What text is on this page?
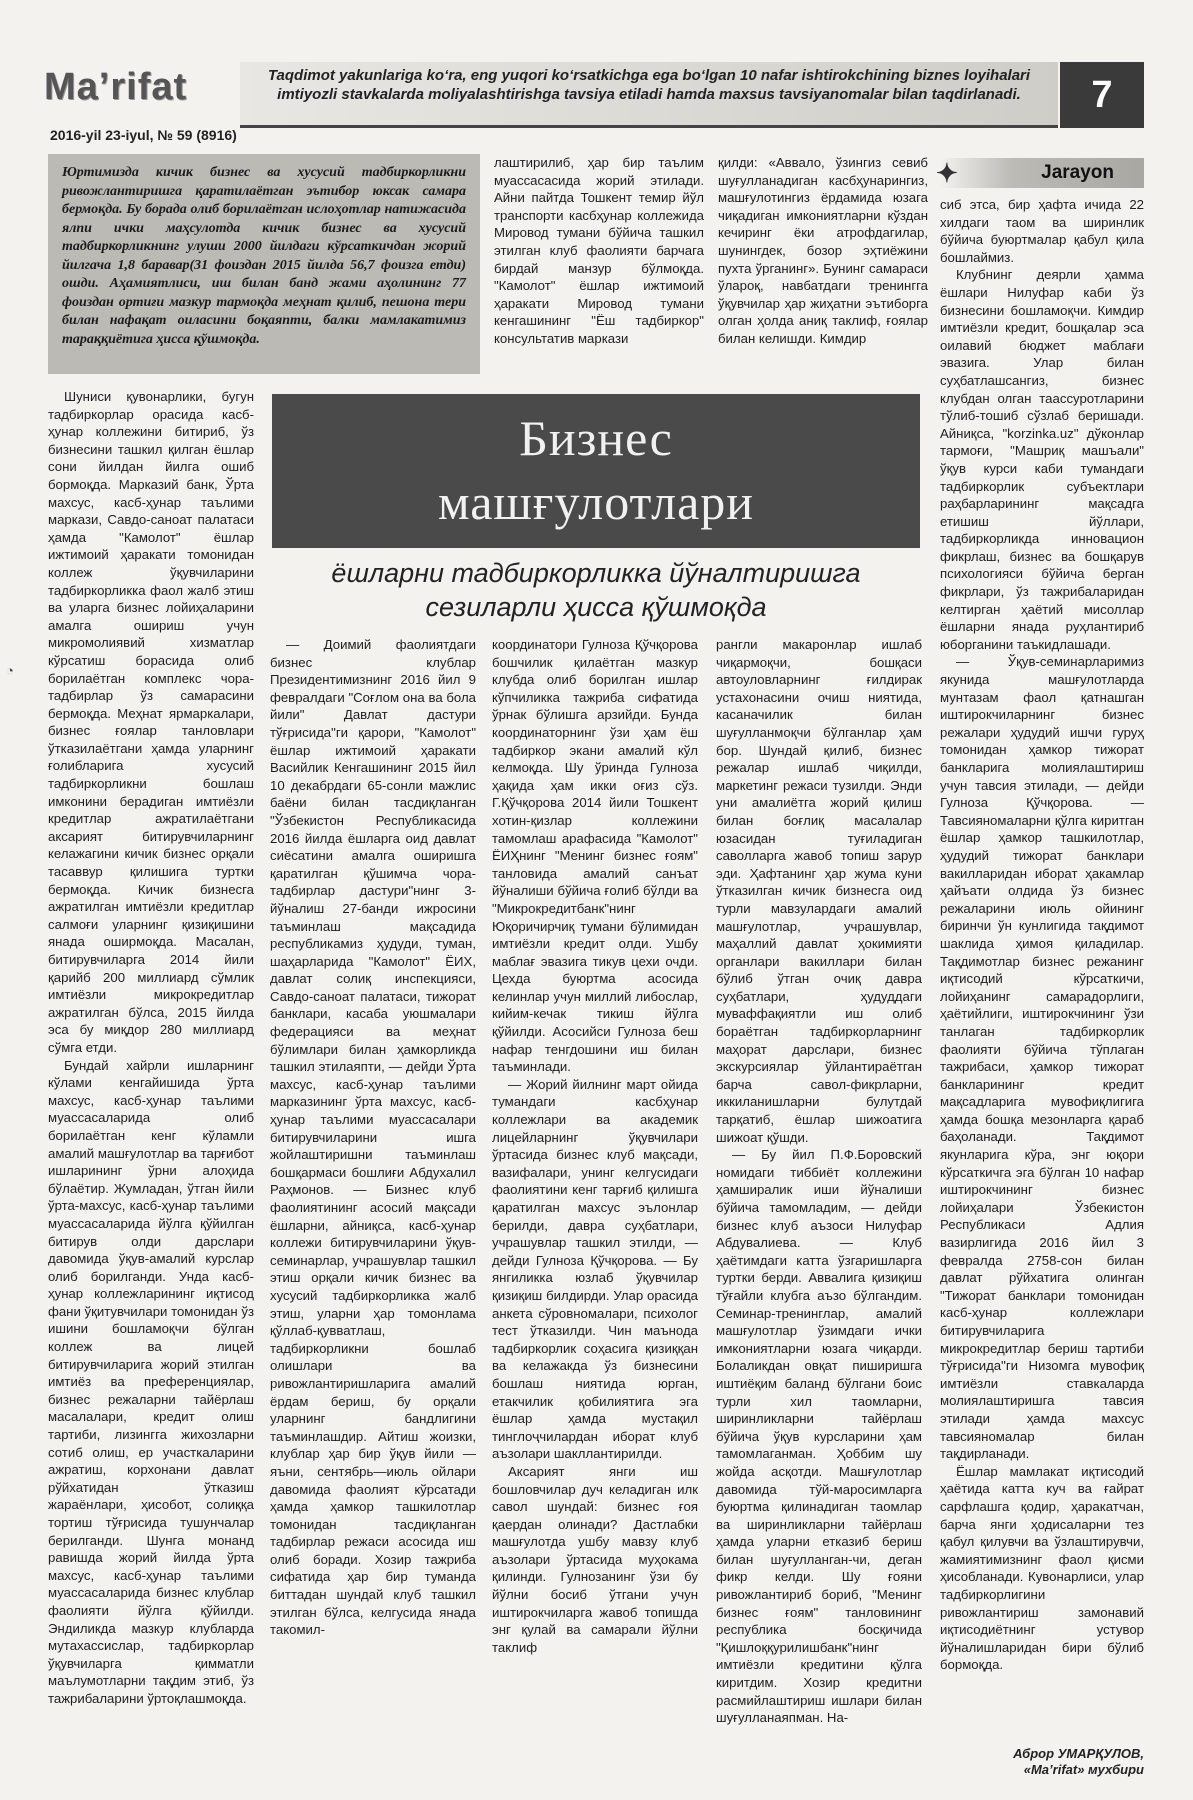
Ma’rifat
2016-yil 23-iyul, № 59 (8916)
Taqdimot yakunlariga ko‘ra, eng yuqori ko‘rsatkichga ega bo‘lgan 10 nafar ishtirokchining biznes loyihalari imtiyozli stavkalarda moliyalashtirishga tavsiya etiladi hamda maxsus tavsiyanomalar bilan taqdirlanadi.	7
✦	Jarayon
Юртимизда кичик бизнес ва хусусий тадбиркорликни ривожлантиришга қаратилаётган эътибор юксак самара бермоқда. Бу борада олиб борилаётган ислоҳотлар натижасида ялпи ички маҳсулотда кичик бизнес ва хусусий тадбиркорликнинг улуши 2000 йилдаги кўрсаткичдан жорий йилгача 1,8 баравар(31 фоиздан 2015 йилда 56,7 фоизга етди) ошди. Аҳамиятлиси, иш билан банд жами аҳолининг 77 фоиздан ортиғи мазкур тармоқда меҳнат қилиб, пешона тери билан нафақат оиласини боқаяпти, балки мамлакатимиз тараққиётига ҳисса қўшмоқда.

лаштирилиб, ҳар бир таълим муассасасида жорий этилади. Айни пайтда Тошкент темир йўл транспорти касбҳунар коллежида Мировод тумани бўйича ташкил этилган клуб фаолияти барчага бирдай манзур бўлмоқда. "Камолот" ёшлар ижтимоий ҳаракати Мировод тумани кенгашининг "Ёш тадбиркор" консультатив маркази

қилди: «Аввало, ўзингиз севиб шуғулланадиган касбҳунарингиз, машғулотингиз ёрдамида юзага чиқадиган имкониятларни кўздан кечиринг ёки атрофдагилар, шунингдек, бозор эҳтиёжини пухта ўрганинг». Бунинг самараси ўлароқ, навбатдаги тренингга ўқувчилар ҳар жиҳатни эътиборга олган ҳолда аниқ таклиф, ғоялар билан келишди. Кимдир

Бизнес
машғулотлари
ёшларни тадбиркорликка йўналтиришга сезиларли ҳисса қўшмоқда

Шуниси қувонарлики, бугун тадбиркорлар орасида касб-ҳунар коллежини битириб, ўз бизнесини ташкил қилган ёшлар сони йилдан йилга ошиб бормоқда. Марказий банк, Ўрта махсус, касб-ҳунар таълими маркази, Савдо-саноат палатаси ҳамда "Камолот" ёшлар ижтимоий ҳаракати томонидан коллеж ўқувчиларини тадбиркорликка фаол жалб этиш ва уларга бизнес лойиҳаларини амалга ошириш учун микромолиявий хизматлар кўрсатиш борасида олиб борилаётган комплекс чора-тадбирлар ўз самарасини бермоқда. Меҳнат ярмаркалари, бизнес ғоялар танловлари ўтказилаётгани ҳамда уларнинг ғолибларига хусусий тадбиркорликни бошлаш имконини берадиган имтиёзли кредитлар ажратилаётгани аксарият битирувчиларнинг келажагини кичик бизнес орқали тасаввур қилишига туртки бермоқда. Кичик бизнесга ажратилган имтиёзли кредитлар салмоғи уларнинг қизиқишини янада оширмоқда. Масалан, битирувчиларга 2014 йили қарийб 200 миллиард сўмлик имтиёзли микрокредитлар ажратилган бўлса, 2015 йилда эса бу миқдор 280 миллиард сўмга етди.

Бундай хайрли ишларнинг кўлами кенгайишида ўрта махсус, касб-ҳунар таълими муассасаларида олиб борилаётган кенг кўламли амалий машғулотлар ва тарғибот ишларининг ўрни алоҳида бўлаётир. Жумладан, ўтган йили ўрта-махсус, касб-ҳунар таълими муассасаларида йўлга қўйилган битирув олди дарслари давомида ўқув-амалий курслар олиб борилганди. Унда касб-ҳунар коллежларининг иқтисод фани ўқитувчилари томонидан ўз ишини бошламоқчи бўлган коллеж ва лицей битирувчиларига жорий этилган имтиёз ва преференциялар, бизнес режаларни тайёрлаш масалалари, кредит олиш тартиби, лизингга жихозларни сотиб олиш, ер участкаларини ажратиш, корхонани давлат рўйхатидан ўтказиш жараёнлари, ҳисобот, солиққа тортиш тўғрисида тушунчалар берилганди. Шунга монанд равишда жорий йилда ўрта махсус, касб-ҳунар таълими муассасаларида бизнес клублар фаолияти йўлга қўйилди. Эндиликда мазкур клубларда мутахассислар, тадбиркорлар ўқувчиларга қимматли маълумотларни тақдим этиб, ўз тажрибаларини ўртоқлашмоқда.

— Доимий фаолиятдаги бизнес клублар Президентимизнинг 2016 йил 9 февралдаги "Соғлом она ва бола йили" Давлат дастури тўғрисида"ги қарори, "Камолот" ёшлар ижтимоий ҳаракати Васийлик Кенгашининг 2015 йил 10 декабрдаги 65-сонли мажлис баёни билан тасдиқланган "Ўзбекистон Республикасида 2016 йилда ёшларга оид давлат сиёсатини амалга оширишга қаратилган қўшимча чора-тадбирлар дастури"нинг 3-йўналиш 27-банди ижросини таъминлаш мақсадида республикамиз ҳудуди, туман, шаҳарларида "Камолот" ЁИХ, давлат солиқ инспекцияси, Савдо-саноат палатаси, тижорат банклари, касаба уюшмалари федерацияси ва меҳнат бўлимлари билан ҳамкорликда ташкил этилаяпти, — дейди Ўрта махсус, касб-ҳунар таълими марказининг ўрта махсус, касб-ҳунар таълими муассасалари битирувчиларини ишга жойлаштиришни таъминлаш бошқармаси бошлиғи Абдухалил Раҳмонов. — Бизнес клуб фаолиятининг асосий мақсади ёшларни, айниқса, касб-ҳунар коллежи битирувчиларини ўқув-семинарлар, учрашувлар ташкил этиш орқали кичик бизнес ва хусусий тадбиркорликка жалб этиш, уларни ҳар томонлама қўллаб-қувватлаш, тадбиркорликни бошлаб олишлари ва ривожлантиришларига амалий ёрдам бериш, бу орқали уларнинг бандлигини таъминлашдир. Айтиш жоизки, клублар ҳар бир ўқув йили — яъни, сентябрь—июль ойлари давомида фаолият кўрсатади ҳамда ҳамкор ташкилотлар томонидан тасдиқланган тадбирлар режаси асосида иш олиб боради. Хозир тажриба сифатида ҳар бир туманда биттадан шундай клуб ташкил этилган бўлса, келгусида янада такомил-

координатори Гулноза Қўчқорова бошчилик қилаётган мазкур клубда олиб борилган ишлар кўпчиликка тажриба сифатида ўрнак бўлишга арзийди. Бунда координаторнинг ўзи ҳам ёш тадбиркор экани амалий кўл келмоқда. Шу ўринда Гулноза ҳақида ҳам икки оғиз сўз. Г.Қўчқорова 2014 йили Тошкент хотин-қизлар коллежини тамомлаш арафасида "Камолот" ЁИҲнинг "Менинг бизнес ғоям" танловида амалий санъат йўналиши бўйича ғолиб бўлди ва "Микрокредитбанк"нинг Юқоричирчиқ тумани бўлимидан имтиёзли кредит олди. Ушбу маблағ эвазига тикув цехи очди. Цехда буюртма асосида келинлар учун миллий либослар, кийим-кечак тикиш йўлга қўйилди. Асосийси Гулноза беш нафар тенгдошини иш билан таъминлади.

— Жорий йилнинг март ойида тумандаги касбҳунар коллежлари ва академик лицейларнинг ўқувчилари ўртасида бизнес клуб мақсади, вазифалари, унинг келгусидаги фаолиятини кенг тарғиб қилишга қаратилган махсус эълонлар берилди, давра суҳбатлари, учрашувлар ташкил этилди, — дейди Гулноза Қўчқорова. — Бу янгиликка юзлаб ўқувчилар қизиқиш билдирди. Улар орасида анкета сўровномалари, психолог тест ўтказилди. Чин маънода тадбиркорлик соҳасига қизиққан ва келажакда ўз бизнесини бошлаш ниятида юрган, етакчилик қобилиятига эга ёшлар ҳамда мустақил тинглоҷчилардан иборат клуб аъзолари шакллантирилди.

Аксарият янги иш бошловчилар дуч келадиган илк савол шундай: бизнес ғоя қаердан олинади? Дастлабки машғулотда ушбу мавзу клуб аъзолари ўртасида муҳокама қилинди. Гулнозанинг ўзи бу йўлни босиб ўтгани учун иштирокчиларга жавоб топишда энг қулай ва самарали йўлни таклиф

рангли макаронлар ишлаб чиқармоқчи, бошқаси автоуловларнинг ғилдирак устахонасини очиш ниятида, касаначилик билан шуғулланмоқчи бўлганлар ҳам бор. Шундай қилиб, бизнес режалар ишлаб чиқилди, маркетинг режаси тузилди. Энди уни амалиётга жорий қилиш билан боғлиқ масалалар юзасидан туғиладиган саволларга жавоб топиш зарур эди. Ҳафтанинг ҳар жума куни ўтказилган кичик бизнесга оид турли мавзулардаги амалий машғулотлар, учрашувлар, маҳаллий давлат ҳокимияти органлари вакиллари билан бўлиб ўтган очиқ давра суҳбатлари, ҳудуддаги муваффақиятли иш олиб бораётган тадбиркорларнинг маҳорат дарслари, бизнес экскурсиялар ўйлантираётган барча савол-фикрларни, иккиланишларни булутдай тарқатиб, ёшлар шижоатига шижоат қўшди.

— Бу йил П.Ф.Боровский номидаги тиббиёт коллежини ҳамширалик иши йўналиши бўйича тамомладим, — дейди бизнес клуб аъзоси Нилуфар Абдувалиева. — Клуб ҳаётимдаги катта ўзгаришларга туртки берди. Аввалига қизиқиш тўғайли клубга аъзо бўлгандим. Семинар-тренинглар, амалий машғулотлар ўзимдаги ички имкониятларни юзага чиқарди. Болаликдан овқат пиширишга иштиёқим баланд бўлгани боис турли хил таомларни, ширинликларни тайёрлаш бўйича ўқув курсларини ҳам тамомлаганман. Ҳоббим шу жойда асқотди. Машғулотлар давомида тўй-маросимларга буюртма қилинадиган таомлар ва ширинликларни тайёрлаш ҳамда уларни етказиб бериш билан шуғулланган-чи, деган фикр келди. Шу ғояни ривожлантириб бориб, "Менинг бизнес ғоям" танловининг республика босқичида "Қишлоққурилишбанк"нинг имтиёзли кредитини қўлга киритдим. Хозир кредитни расмийлаштириш ишлари билан шуғулланаяпман. На-

сиб этса, бир ҳафта ичида 22 хилдаги таом ва ширинлик бўйича буюртмалар қабул қила бошлаймиз.

Клубнинг деярли ҳамма ёшлари Нилуфар каби ўз бизнесини бошламоқчи. Кимдир имтиёзли кредит, бошқалар эса оилавий бюджет маблағи эвазига. Улар билан суҳбатлашсангиз, бизнес клубдан олган таассуротларини тўлиб-тошиб сўзлаб беришади. Айниқса, "korzinka.uz" дўконлар тармоғи, "Машриқ машъали" ўқув курси каби тумандаги тадбиркорлик субъектлари раҳбарларининг мақсадга етишиш йўллари, тадбиркорликда инновацион фикрлаш, бизнес ва бошқарув психологияси бўйича берган фикрлари, ўз тажрибаларидан келтирган ҳаётий мисоллар ёшларни янада руҳлантириб юборганини таъкидлашади.

— Ўқув-семинарларимиз якунида машғулотларда мунтазам фаол қатнашган иштирокчиларнинг бизнес режалари ҳудудий ишчи гуруҳ томонидан ҳамкор тижорат банкларига молиялаштириш учун тавсия этилади, — дейди Гулноза Қўчқорова. — Тавсияномаларни қўлга киритган ёшлар ҳамкор ташкилотлар, ҳудудий тижорат банклари вакилларидан иборат ҳакамлар ҳайъати олдида ўз бизнес режаларини июль ойининг биринчи ўн кунлигида тақдимот шаклида ҳимоя қиладилар. Тақдимотлар бизнес режанинг иқтисодий кўрсаткичи, лойиҳанинг самарадорлиги, ҳаётийлиги, иштирокчининг ўзи танлаган тадбиркорлик фаолияти бўйича тўплаган тажрибаси, ҳамкор тижорат банкларининг кредит мақсадларига мувофиқлигига ҳамда бошқа мезонларга қараб баҳоланади. Тақдимот якунларига кўра, энг юқори кўрсаткичга эга бўлган 10 нафар иштирокчининг бизнес лойиҳалари Ўзбекистон Республикаси Адлия вазирлигида 2016 йил 3 февралда 2758-сон билан давлат рўйхатига олинган "Тижорат банклари томонидан касб-ҳунар коллежлари битирувчиларига микрокредитлар бериш тартиби тўғрисида"ги Низомга мувофиқ имтиёзли ставкаларда молиялаштиришга тавсия этилади ҳамда махсус тавсияномалар билан тақдирланади.

Ёшлар мамлакат иқтисодий ҳаётида катта куч ва ғайрат сарфлашга қодир, ҳаракатчан, барча янги ҳодисаларни тез қабул қилувчи ва ўзлаштирувчи, жамиятимизнинг фаол қисми ҳисобланади. Кувонарлиси, улар тадбиркорлигини ривожлантириш замонавий иқтисодиётнинг устувор йўналишларидан бири бўлиб бормоқда.

Аброр УМАРҚУЛОВ,
«Ma’rifat» мухбири
◔
